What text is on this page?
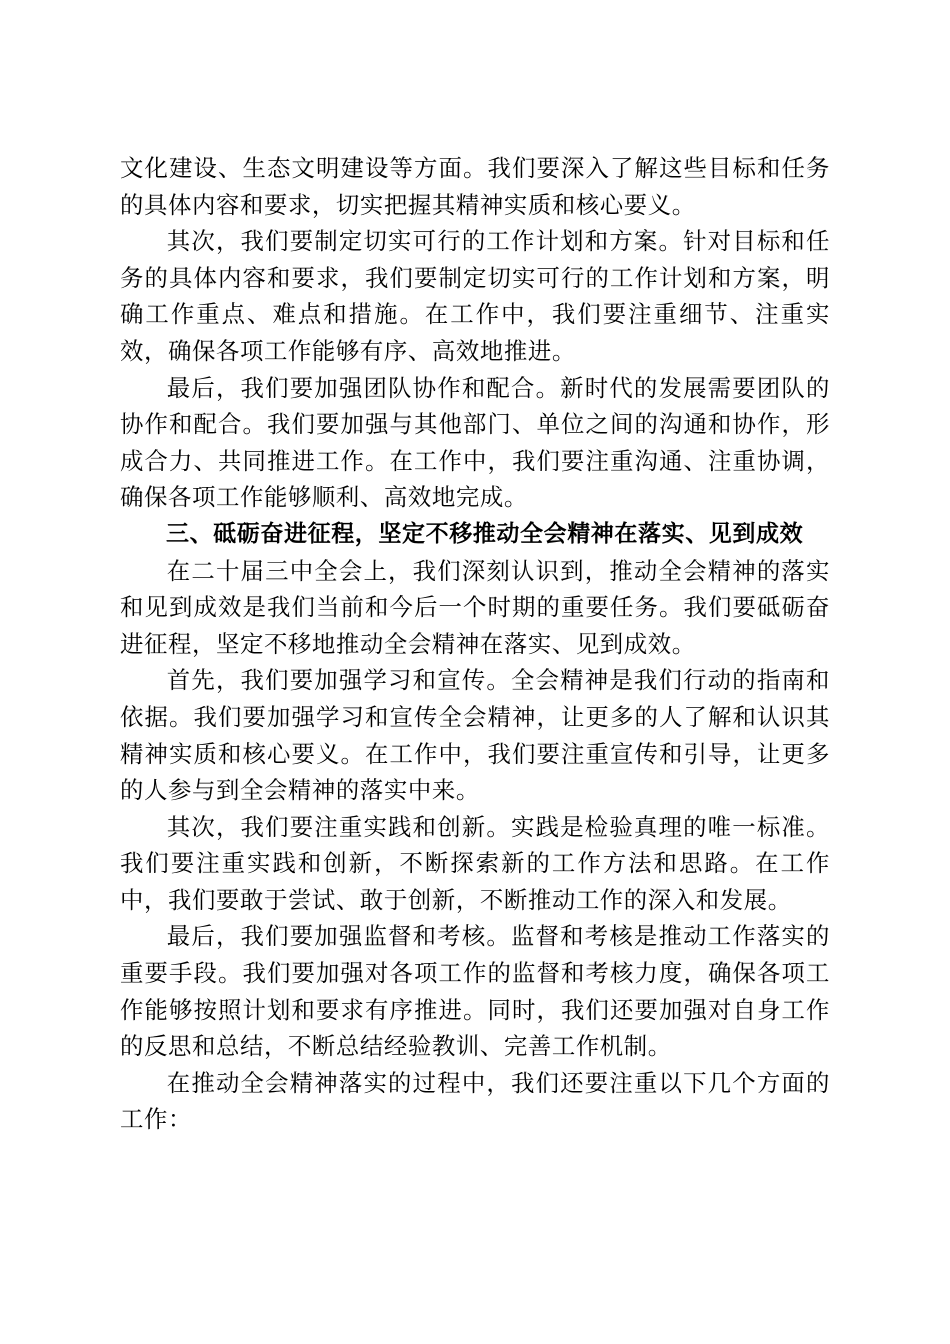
文化建设、生态文明建设等方面。我们要深入了解这些目标和任务的具体内容和要求，切实把握其精神实质和核心要义。

其次，我们要制定切实可行的工作计划和方案。针对目标和任务的具体内容和要求，我们要制定切实可行的工作计划和方案，明确工作重点、难点和措施。在工作中，我们要注重细节、注重实效，确保各项工作能够有序、高效地推进。

最后，我们要加强团队协作和配合。新时代的发展需要团队的协作和配合。我们要加强与其他部门、单位之间的沟通和协作，形成合力、共同推进工作。在工作中，我们要注重沟通、注重协调，确保各项工作能够顺利、高效地完成。

三、砥砺奋进征程，坚定不移推动全会精神在落实、见到成效

在二十届三中全会上，我们深刻认识到，推动全会精神的落实和见到成效是我们当前和今后一个时期的重要任务。我们要砥砺奋进征程，坚定不移地推动全会精神在落实、见到成效。

首先，我们要加强学习和宣传。全会精神是我们行动的指南和依据。我们要加强学习和宣传全会精神，让更多的人了解和认识其精神实质和核心要义。在工作中，我们要注重宣传和引导，让更多的人参与到全会精神的落实中来。

其次，我们要注重实践和创新。实践是检验真理的唯一标准。我们要注重实践和创新，不断探索新的工作方法和思路。在工作中，我们要敢于尝试、敢于创新，不断推动工作的深入和发展。

最后，我们要加强监督和考核。监督和考核是推动工作落实的重要手段。我们要加强对各项工作的监督和考核力度，确保各项工作能够按照计划和要求有序推进。同时，我们还要加强对自身工作的反思和总结，不断总结经验教训、完善工作机制。

在推动全会精神落实的过程中，我们还要注重以下几个方面的工作：
